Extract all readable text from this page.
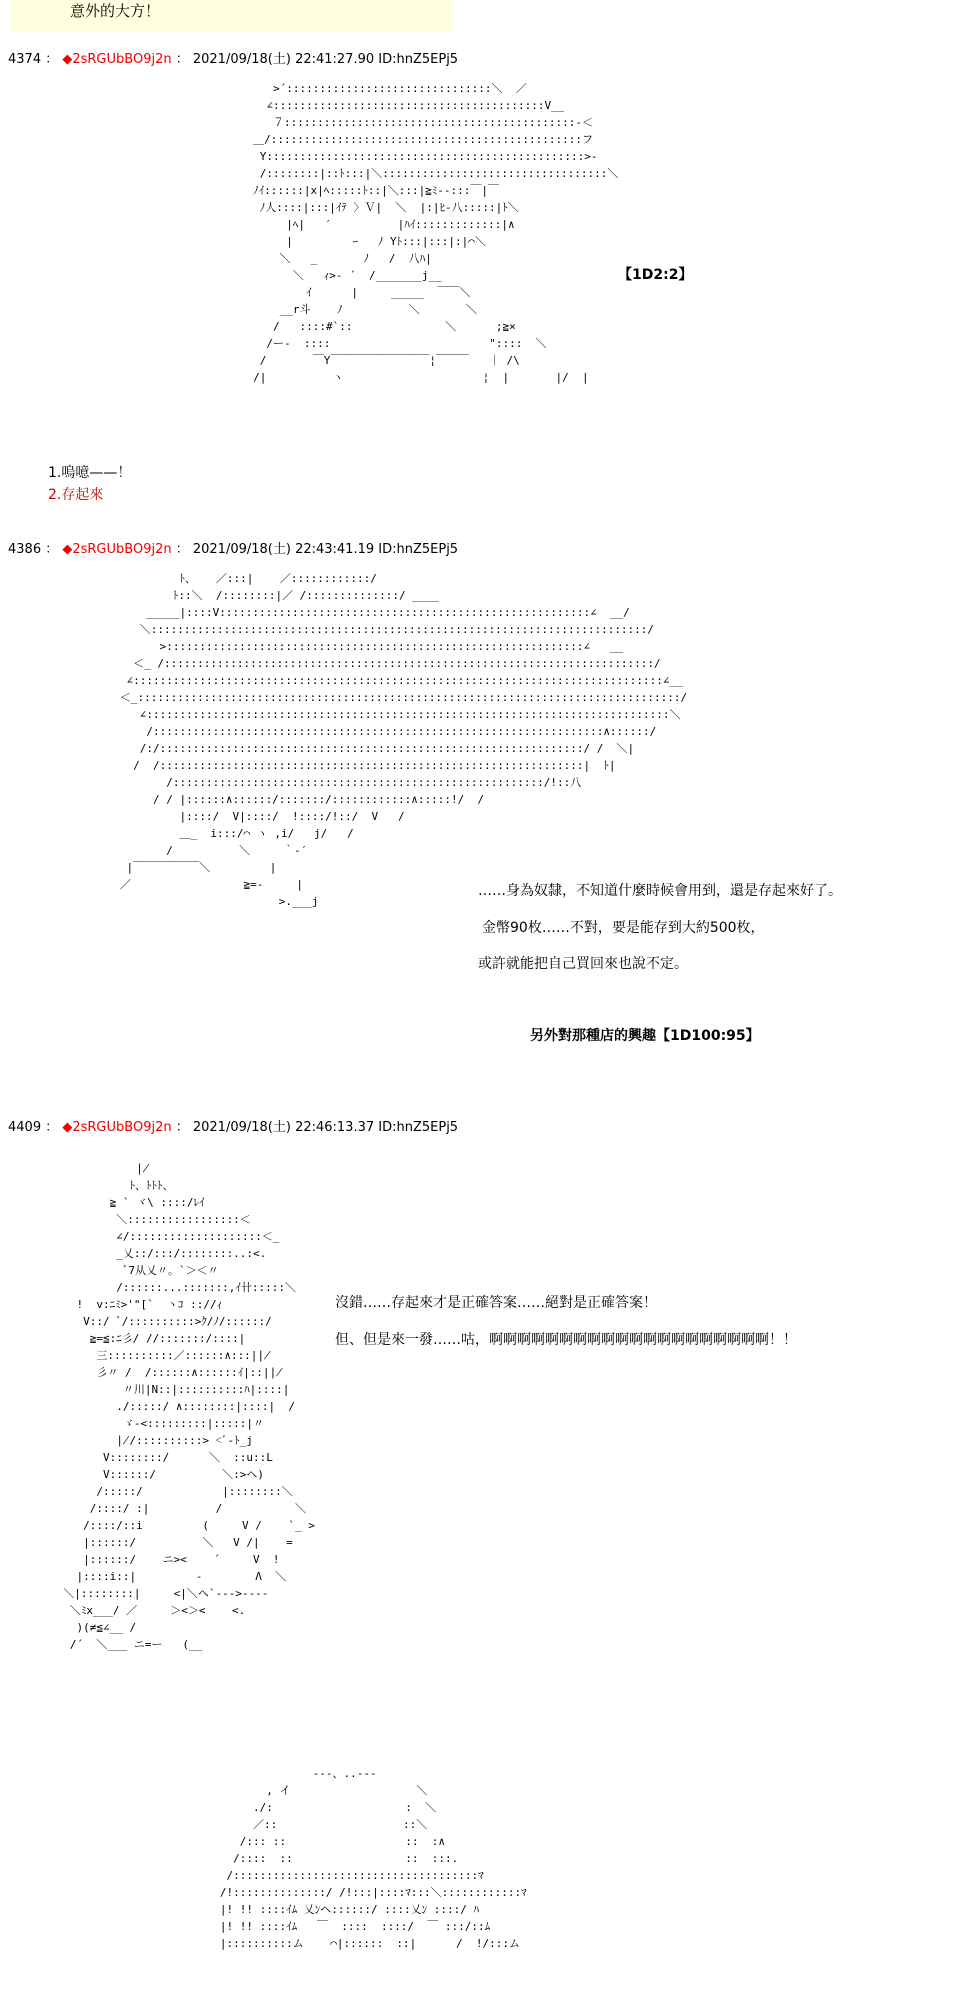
意外的大方！
4374 ： ◆2sRGUbBO9j2n ： 2021/09/18(土) 22:41:27.90 ID:hnZ5EPj5
>´:::::::::::::::::::::::::::::::＼  ／
∠:::::::::::::::::::::::::::::::::::::::::V__
７::::::::::::::::::::::::::::::::::::::::::::-＜
＿/:::::::::::::::::::::::::::::::::::::::::::::::フ
Y::::::::::::::::::::::::::::::::::::::::::::::::>-
/::::::::|::ﾄ:::|＼::::::::::::::::::::::::::::::::::＼
ﾉｲ::::::|x|ﾍ:::::ﾄ::|＼:::|≧ﾐ--:::￣|￣
ﾉ人::::|:::|ｲﾃ 〉Ｖ|  ＼  |:|ﾋ-八:::::|ﾄ＼
|ﾍ|   ′          |ﾊｲ:::::::::::::|∧
|         ｰ   ﾉ Yﾄ:::|:::|:|⌒＼
＼   _       ﾉ   /  八ﾊ|
＼   ｨ>- ´  /_______j__
ｲ      |     _____  ￣￣＼
__r斗    ﾉ          ＼       ＼
/   ::::#`::              ＼      ;≧×
/ー-  ::::                        "::::  ＼
/       ￣Y￣￣￣￣￣￣￣￣￣¦￣￣￣   ｜ /\
/|          ヽ                     ¦  |       |/  |
【1D2:2】
1.嗚噫——！
2.存起來
4386 ： ◆2sRGUbBO9j2n ： 2021/09/18(土) 22:43:41.19 ID:hnZ5EPj5
ﾄ、   ／:::|    ／::::::::::::/
ﾄ::＼  /::::::::|／ /::::::::::::::/ ____
_____|::::V::::::::::::::::::::::::::::::::::::::::::::::::::::::::∠  __/
＼:::::::::::::::::::::::::::::::::::::::::::::::::::::::::::::::::::::::::::/
>:::::::::::::::::::::::::::::::::::::::::::::::::::::::::::::::∠   __
＜_ /::::::::::::::::::::::::::::::::::::::::::::::::::::::::::::::::::::::::::/
∠::::::::::::::::::::::::::::::::::::::::::::::::::::::::::::::::::::::::::::::::∠__
＜_::::::::::::::::::::::::::::::::::::::::::::::::::::::::::::::::::::::::::::::::::/
∠:::::::::::::::::::::::::::::::::::::::::::::::::::::::::::::::::::::::::::::::＼
/::::::::::::::::::::::::::::::::::::::::::::::::::::::::::::::::::::∧::::::/
/:/::::::::::::::::::::::::::::::::::::::::::::::::::::::::::::::::/ /  ＼|
/  /::::::::::::::::::::::::::::::::::::::::::::::::::::::::::::::::|  ﾄ|
/::::::::::::::::::::::::::::::::::::::::::::::::::::::::/!::八
/ / |::::::∧::::::/:::::::/::::::::::::∧:::::!/  /
|::::/  V|::::/  !::::/!::/  V   /
＿_  i:::/⌒ ヽ ,i/   j/   /
/          ＼     ｀-′
|￣￣￣￣￣￣＼         |
／                 ≧=-     |
>.___j
……身為奴隸，不知道什麼時候會用到，還是存起來好了。
金幣90枚……不對，要是能存到大約500枚，
或許就能把自己買回來也說不定。
另外對那種店的興趣【1D100:95】
4409 ： ◆2sRGUbBO9j2n ： 2021/09/18(土) 22:46:13.37 ID:hnZ5EPj5
∤
ﾄ、ﾄﾄﾄ、
≧ ` ヾ\ ::::/ﾚｲ
＼:::::::::::::::::＜
∠/::::::::::::::::::::＜_
_乂::/:::/::::::::..:<.
ﾞ7从乂〃。`＞＜〃
/::::::...:::::::,ｲ卄:::::＼
!  v:ﾆﾐ>'"[`  ヽｺ :://ｨ
V::/ ﾞ/::::::::::>ｸ/ﾉ/::::::/
≧=≦:ﾆ彡/ //:::::::/::::|
三::::::::::／::::::∧:::|∤
彡〃 /  /::::::∧::::::ｲ|::|∤
〃川|N::|::::::::::ﾊ|::::|
./:::::/ ∧::::::::|::::|  /
ゞ-<:::::::::|:::::|〃
∤/::::::::::> <ﾞ-ﾄ_j
V::::::::/      ＼  ::u::L
V::::::/          ＼:>ヘ)
/:::::/            |::::::::＼
/::::/ :|          /           ＼
/::::/::i         (     V /    `_ >
|::::::/          ＼   V /|    =
|::::::/    ニ><    ´     V  !
|::::i::|         -        Λ  ＼
＼|::::::::|     <|＼ヘ`--->----
＼ﾐx___/ ／     ＞<＞<    <.
)(≠≦∠__ /
/´  ＼___ ニ=ー   (__
沒錯……存起來才是正確答案……絕對是正確答案！
但、但是來一發……咕，啊啊啊啊啊啊啊啊啊啊啊啊啊啊啊啊啊啊啊啊！！
---、..---
, イ                   ＼
./:                    :  ＼
／::                   ::＼
/::: ::                  ::  :∧
/::::  ::                 ::  :::.
/:::::::::::::::::::::::::::::::::::::ﾏ
/!::::::::::::::/ /!:::|::::ﾏ:::＼::::::::::::ﾏ
|! !! ::::ｲﾑ 乂ﾝヘ::::::/ ::::乂ﾝ ::::/ ﾊ
|! !! ::::ｲﾑ   ￣  ::::  ::::/  ￣ :::/::ﾑ
|::::::::::ム    ⌒|::::::  ::|      /  !/:::ム
